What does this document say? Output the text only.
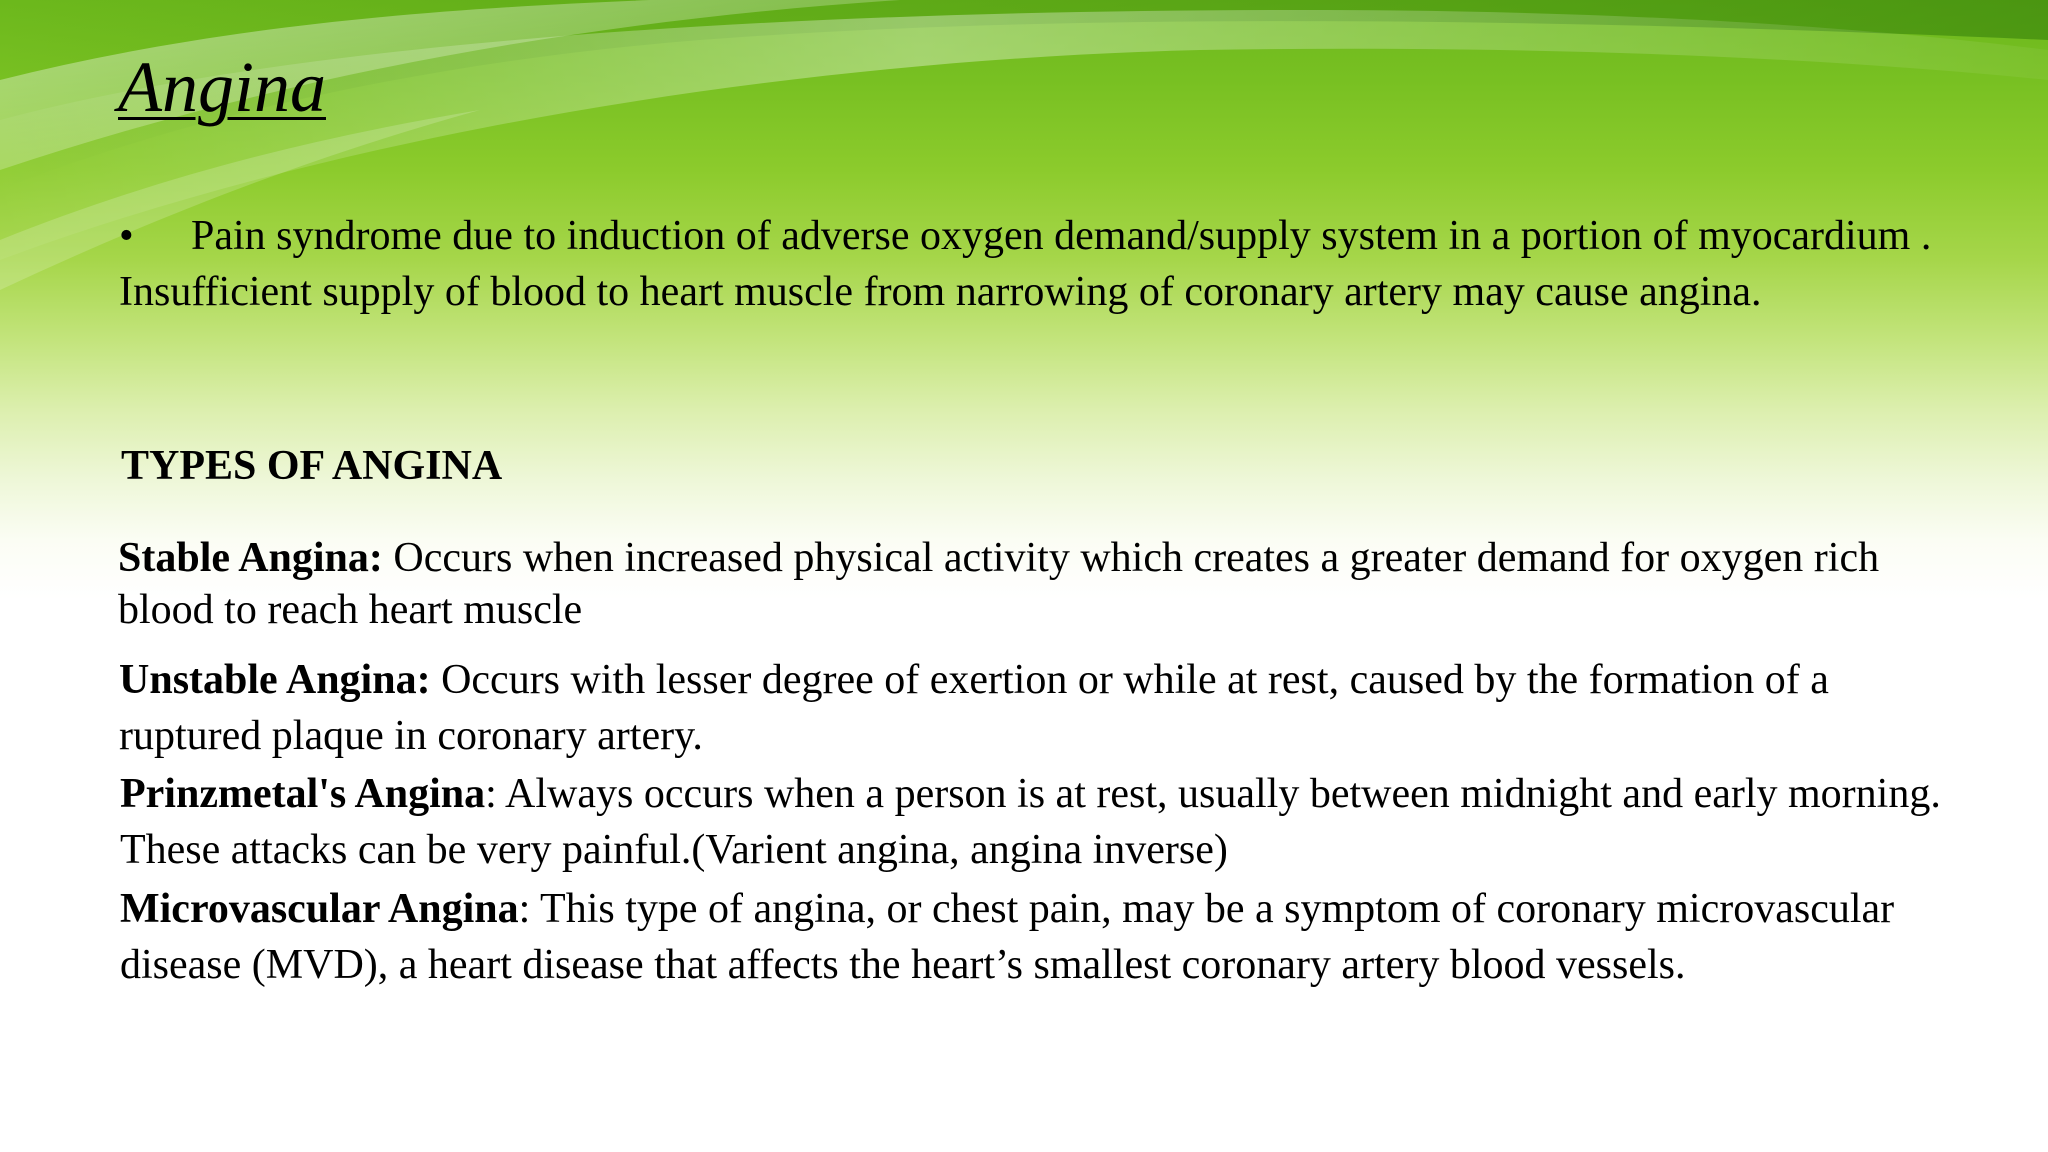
Angina

• Pain syndrome due to induction of adverse oxygen demand/supply system in a portion of myocardium . Insufficient supply of blood to heart muscle from narrowing of coronary artery may cause angina.

TYPES OF ANGINA

Stable Angina: Occurs when increased physical activity which creates a greater demand for oxygen rich blood to reach heart muscle

Unstable Angina: Occurs with lesser degree of exertion or while at rest, caused by the formation of a ruptured plaque in coronary artery.

Prinzmetal's Angina: Always occurs when a person is at rest, usually between midnight and early morning. These attacks can be very painful.(Varient angina, angina inverse)

Microvascular Angina: This type of angina, or chest pain, may be a symptom of coronary microvascular disease (MVD), a heart disease that affects the heart’s smallest coronary artery blood vessels.
